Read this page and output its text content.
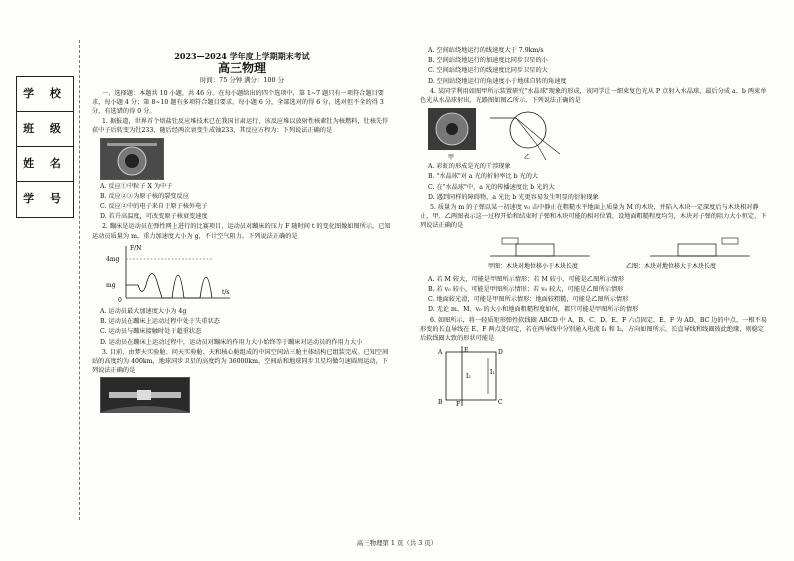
学 校
班 级
姓 名
学 号
2023—2024 学年度上学期期末考试
高三物理
时间：75 分钟 满分：100 分

一、选择题：本题共 10 小题，共 46 分。在每小题给出的四个选项中，第 1~7 题只有一项符合题目要求，每小题 4 分；第 8~10 题有多项符合题目要求，每小题 6 分，全部选对的得 6 分，选对但不全的得 3 分，有选错的得 0 分。

1. 据报道，世界首个熔盐钍反应堆技术已在我国甘肃运行，该反应堆以放射性核素钍为核燃料，钍核先俘获中子后转变为钍233，随后经两次衰变生成铀233，其反应方程为：下列说法正确的是

A. 反应①中粒子 X 为中子

B. 反应②③为原子核的裂变反应

C. 反应②中的电子来自于原子核外电子

D. 若升高温度，可改变原子核衰变速度

2. 蹦床是运动员在弹性网上进行的比赛项目，运动员对蹦床的压力 F 随时间 t 的变化图像如图所示。已知运动员质量为 m，重力加速度大小为 g，不计空气阻力。下列说法正确的是

F/N
t/s
0
4mg
mg

A. 运动员最大加速度大小为 4g

B. 运动员在蹦床上运动过程中处于失重状态

C. 运动员与蹦床接触时处于超重状态

D. 运动员在蹦床上运动过程中，运动员对蹦床的作用力大小始终等于蹦床对运动员的作用力大小

3. 目前，由梦天实验舱、问天实验舱、天和核心舱组成的中国空间站三舱主体结构已组装完成。已知空间站的高度约为 400km，地球同步卫星的高度约为 36000km，空间站和地球同步卫星均做匀速圆周运动，下列说法正确的是

A. 空间站绕地运行的线速度大于 7.9km/s

B. 空间站绕地运行的加速度比同步卫星的小

C. 空间站绕地运行的线速度比同步卫星的大

D. 空间站绕地运行的角速度小于地球自转的角速度

4. 某同学利用如图甲所示装置研究"水晶球"现象的形成，该同学让一细束复色光从 P 点射入水晶球，最后分成 a、b 两束单色光从水晶球射出，光路图如图乙所示，下列说法正确的是

甲	乙

A. 彩虹的形成是光的干涉现象

B. "水晶球"对 a 光的折射率比 b 光的大

C. 在"水晶球"中，a 光的传播速度比 b 光的大

D. 遇到同样的障碍物，a 光比 b 光更容易发生明显的衍射现象

5. 质量为 m 的子弹以某一初速度 v₀ 击中静止在粗糙水平地面上质量为 M 的木块，并陷入木块一定深度后与木块相对静止，甲、乙两图表示这一过程开始和结束时子弹和木块可能的相对位置，设地面粗糙程度均匀，木块对子弹的阻力大小恒定，下列说法正确的是

甲图：木块对地位移小于木块长度	乙图：木块对地位移大于木块长度

A. 若 M 较大，可能是甲图所示情形；若 M 较小，可能是乙图所示情形

B. 若 v₀ 较小，可能是甲图所示情形；若 v₀ 较大，可能是乙图所示情形

C. 地面较光滑，可能是甲图所示情形；地面较粗糙，可能是乙图所示情形

D. 无论 m、M、v₀ 的大小和地面粗糙程度如何，都只可能是甲图所示的情形

6. 如图所示，将一轻质矩形弹性软线圈 ABCD 中 A、B、C、D、E、F 六点固定，E、F 为 AD、BC 边的中点，一根不易形变的长直导线在 E、F 两点处固定，若在两导线中分别通入电流 I₁ 和 I₂，方向如图所示，长直导线和线圈彼此绝缘，则稳定后软线圈大致的形状可能是

A	E	D
B F	C
I₁
I₂
高三物理第 1 页（共 3 页）
